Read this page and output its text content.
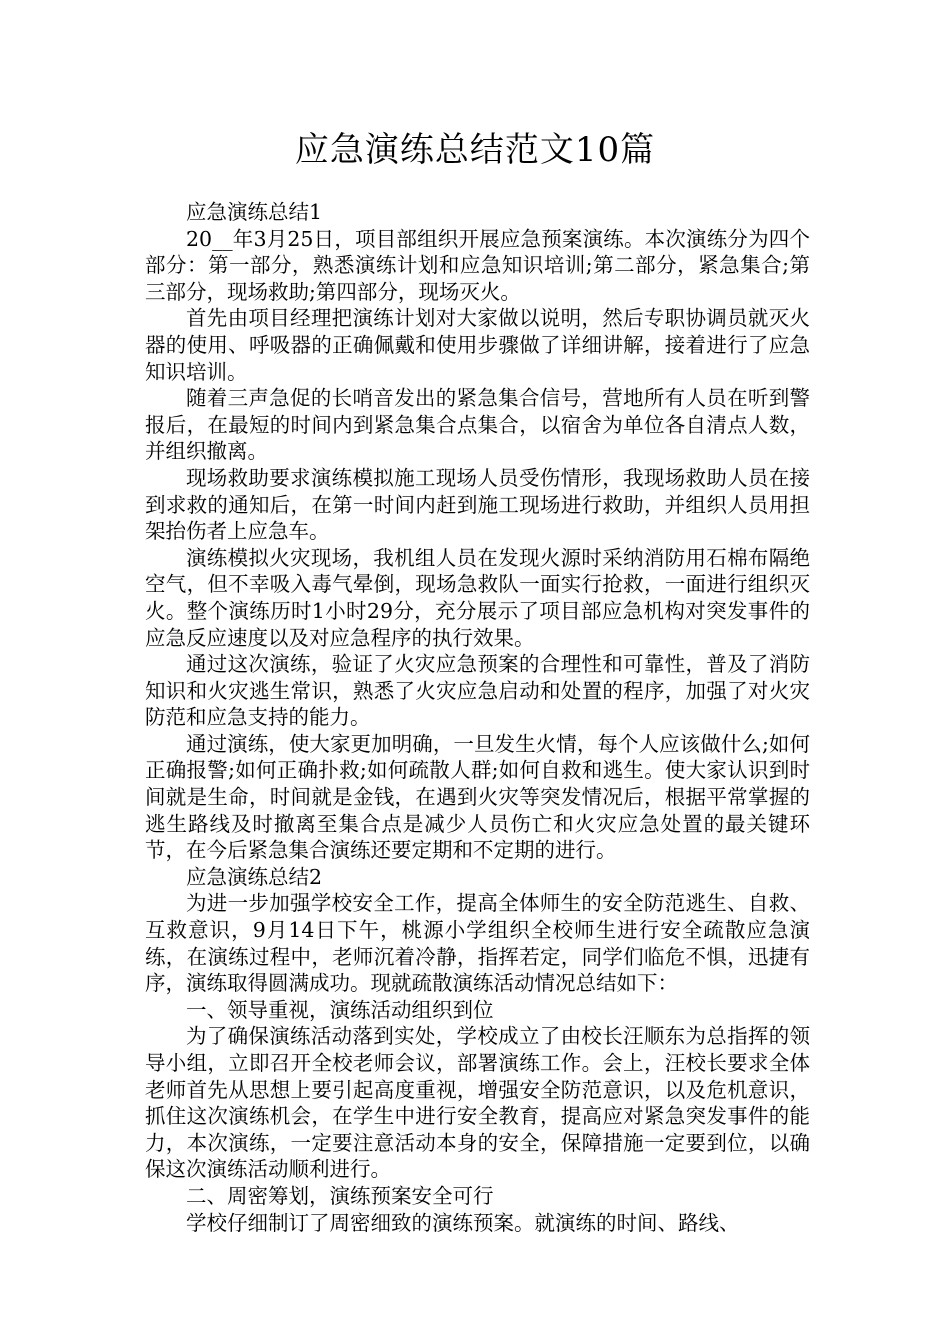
应急演练总结范文10篇

应急演练总结1

20__年3月25日，项目部组织开展应急预案演练。本次演练分为四个部分：第一部分，熟悉演练计划和应急知识培训;第二部分，紧急集合;第三部分，现场救助;第四部分，现场灭火。

首先由项目经理把演练计划对大家做以说明，然后专职协调员就灭火器的使用、呼吸器的正确佩戴和使用步骤做了详细讲解，接着进行了应急知识培训。

随着三声急促的长哨音发出的紧急集合信号，营地所有人员在听到警报后，在最短的时间内到紧急集合点集合，以宿舍为单位各自清点人数，并组织撤离。

现场救助要求演练模拟施工现场人员受伤情形，我现场救助人员在接到求救的通知后，在第一时间内赶到施工现场进行救助，并组织人员用担架抬伤者上应急车。

演练模拟火灾现场，我机组人员在发现火源时采纳消防用石棉布隔绝空气，但不幸吸入毒气晕倒，现场急救队一面实行抢救，一面进行组织灭火。整个演练历时1小时29分，充分展示了项目部应急机构对突发事件的应急反应速度以及对应急程序的执行效果。

通过这次演练，验证了火灾应急预案的合理性和可靠性，普及了消防知识和火灾逃生常识，熟悉了火灾应急启动和处置的程序，加强了对火灾防范和应急支持的能力。

通过演练，使大家更加明确，一旦发生火情，每个人应该做什么;如何正确报警;如何正确扑救;如何疏散人群;如何自救和逃生。使大家认识到时间就是生命，时间就是金钱，在遇到火灾等突发情况后，根据平常掌握的逃生路线及时撤离至集合点是减少人员伤亡和火灾应急处置的最关键环节，在今后紧急集合演练还要定期和不定期的进行。

应急演练总结2

为进一步加强学校安全工作，提高全体师生的安全防范逃生、自救、互救意识，9月14日下午，桃源小学组织全校师生进行安全疏散应急演练，在演练过程中，老师沉着冷静，指挥若定，同学们临危不惧，迅捷有序，演练取得圆满成功。现就疏散演练活动情况总结如下：

一、领导重视，演练活动组织到位

为了确保演练活动落到实处，学校成立了由校长汪顺东为总指挥的领导小组，立即召开全校老师会议，部署演练工作。会上，汪校长要求全体老师首先从思想上要引起高度重视，增强安全防范意识，以及危机意识，抓住这次演练机会，在学生中进行安全教育，提高应对紧急突发事件的能力，本次演练，一定要注意活动本身的安全，保障措施一定要到位，以确保这次演练活动顺利进行。

二、周密筹划，演练预案安全可行

学校仔细制订了周密细致的演练预案。就演练的时间、路线、
